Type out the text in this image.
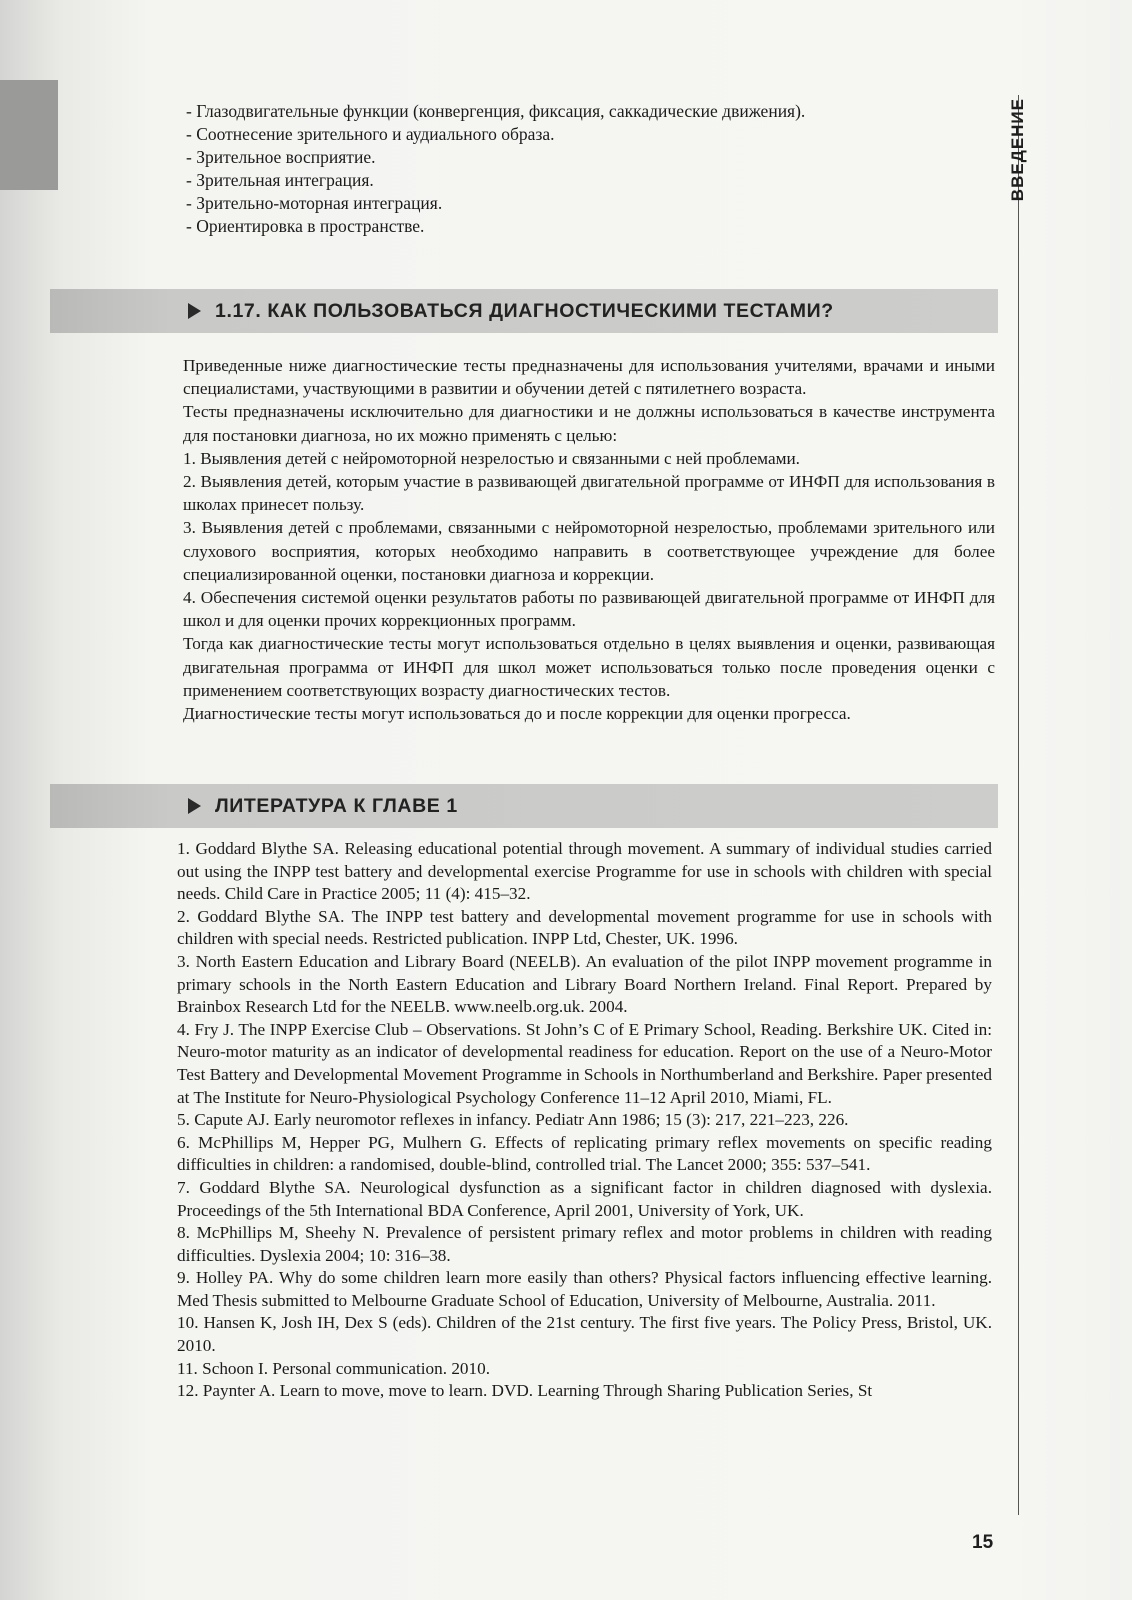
ВВЕДЕНИЕ
- Глазодвигательные функции (конвергенция, фиксация, саккадические движения).
- Соотнесение зрительного и аудиального образа.
- Зрительное восприятие.
- Зрительная интеграция.
- Зрительно-моторная интеграция.
- Ориентировка в пространстве.
1.17. КАК ПОЛЬЗОВАТЬСЯ ДИАГНОСТИЧЕСКИМИ ТЕСТАМИ?

Приведенные ниже диагностические тесты предназначены для использования учителями, врачами и иными специалистами, участвующими в развитии и обучении детей с пятилетнего возраста.

Тесты предназначены исключительно для диагностики и не должны использоваться в качестве инструмента для постановки диагноза, но их можно применять с целью:

1. Выявления детей с нейромоторной незрелостью и связанными с ней проблемами.

2. Выявления детей, которым участие в развивающей двигательной программе от ИНФП для использования в школах принесет пользу.

3. Выявления детей с проблемами, связанными с нейромоторной незрелостью, проблемами зрительного или слухового восприятия, которых необходимо направить в соответствующее учреждение для более специализированной оценки, постановки диагноза и коррекции.

4. Обеспечения системой оценки результатов работы по развивающей двигательной программе от ИНФП для школ и для оценки прочих коррекционных программ.

Тогда как диагностические тесты могут использоваться отдельно в целях выявления и оценки, развивающая двигательная программа от ИНФП для школ может использоваться только после проведения оценки с применением соответствующих возрасту диагностических тестов.

Диагностические тесты могут использоваться до и после коррекции для оценки прогресса.

ЛИТЕРАТУРА К ГЛАВЕ 1

1. Goddard Blythe SA. Releasing educational potential through movement. A summary of individual studies carried out using the INPP test battery and developmental exercise Programme for use in schools with children with special needs. Child Care in Practice 2005; 11 (4): 415–32.

2. Goddard Blythe SA. The INPP test battery and developmental movement programme for use in schools with children with special needs. Restricted publication. INPP Ltd, Chester, UK. 1996.

3. North Eastern Education and Library Board (NEELB). An evaluation of the pilot INPP movement programme in primary schools in the North Eastern Education and Library Board Northern Ireland. Final Report. Prepared by Brainbox Research Ltd for the NEELB. www.neelb.org.uk. 2004.

4. Fry J. The INPP Exercise Club – Observations. St John’s C of E Primary School, Reading. Berkshire UK. Cited in: Neuro-motor maturity as an indicator of developmental readiness for education. Report on the use of a Neuro-Motor Test Battery and Developmental Movement Programme in Schools in Northumberland and Berkshire. Paper presented at The Institute for Neuro-Physiological Psychology Conference 11–12 April 2010, Miami, FL.

5. Capute AJ. Early neuromotor reflexes in infancy. Pediatr Ann 1986; 15 (3): 217, 221–223, 226.

6. McPhillips M, Hepper PG, Mulhern G. Effects of replicating primary reflex movements on specific reading difficulties in children: a randomised, double-blind, controlled trial. The Lancet 2000; 355: 537–541.

7. Goddard Blythe SA. Neurological dysfunction as a significant factor in children diagnosed with dyslexia. Proceedings of the 5th International BDA Conference, April 2001, University of York, UK.

8. McPhillips M, Sheehy N. Prevalence of persistent primary reflex and motor problems in children with reading difficulties. Dyslexia 2004; 10: 316–38.

9. Holley PA. Why do some children learn more easily than others? Physical factors influencing effective learning. Med Thesis submitted to Melbourne Graduate School of Education, University of Melbourne, Australia. 2011.

10. Hansen K, Josh IH, Dex S (eds). Children of the 21st century. The first five years. The Policy Press, Bristol, UK. 2010.

11. Schoon I. Personal communication. 2010.

12. Paynter A. Learn to move, move to learn. DVD. Learning Through Sharing Publication Series, St

15
